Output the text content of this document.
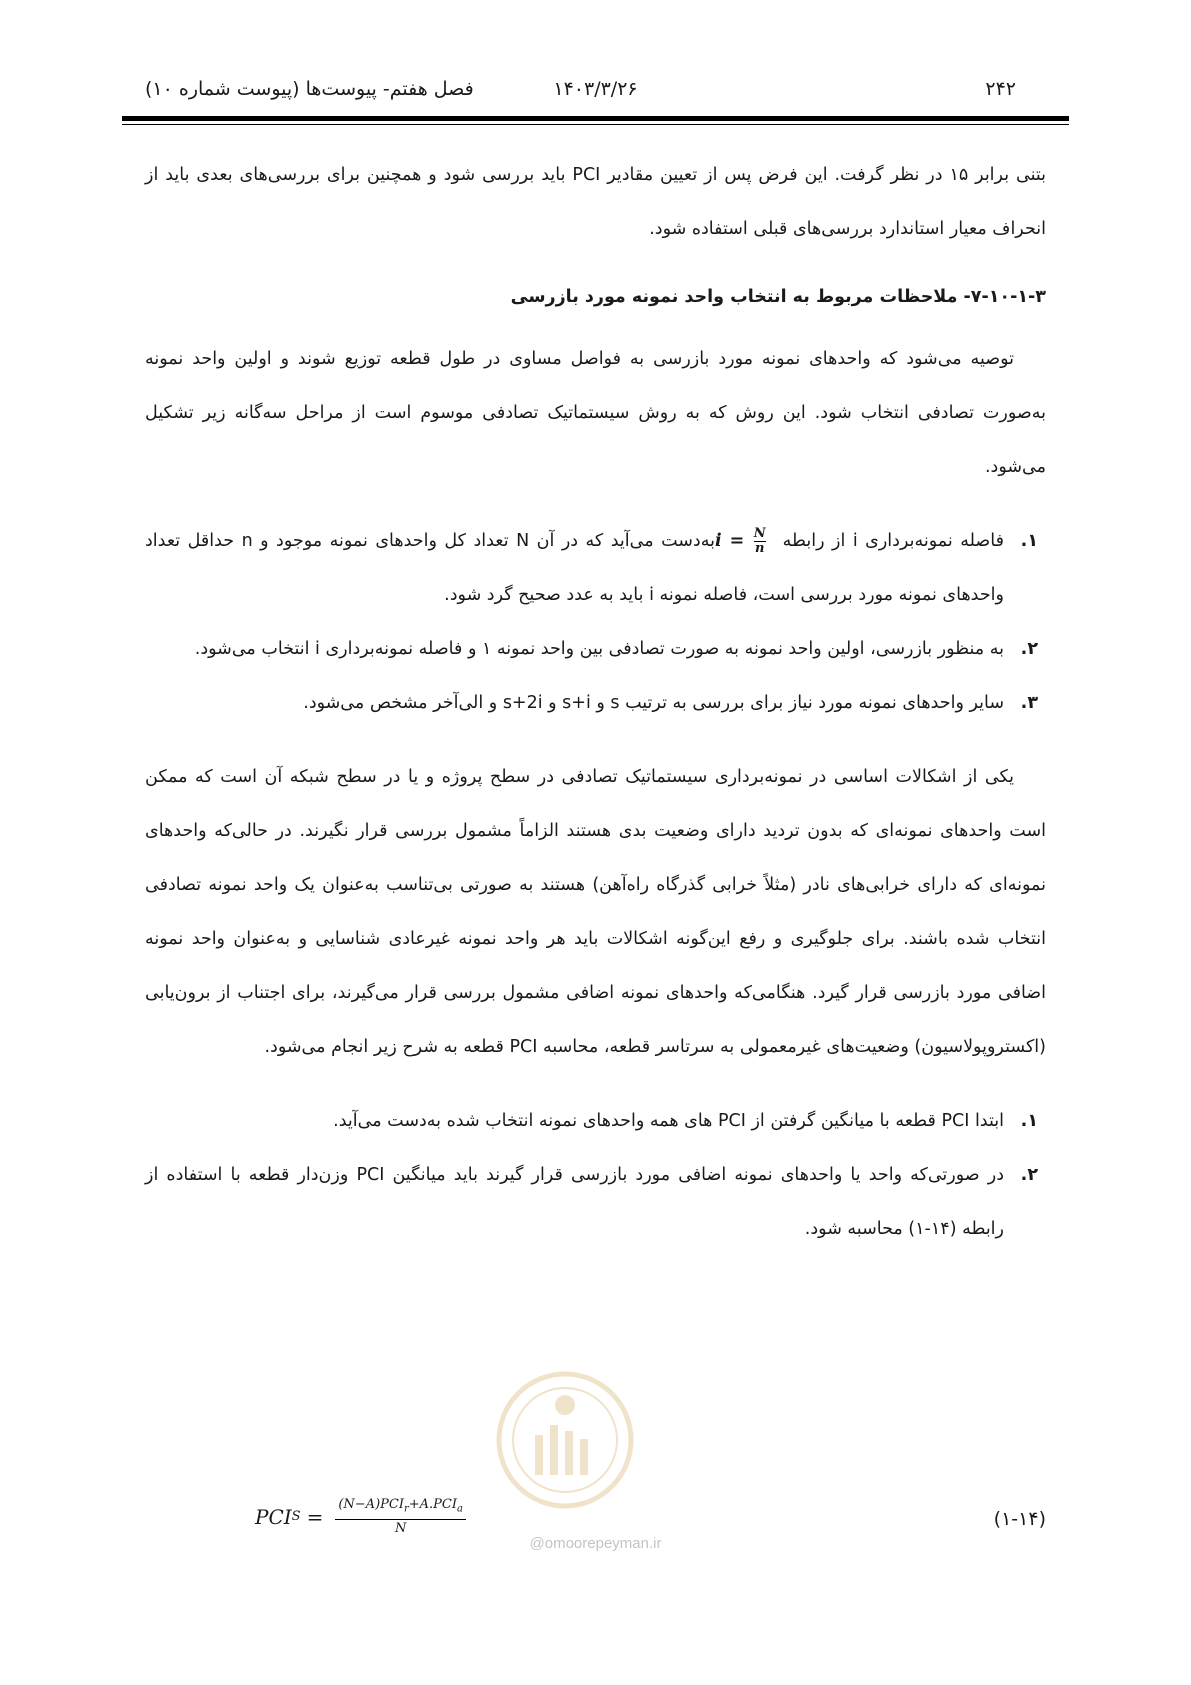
۲۴۲
۱۴۰۳/۳/۲۶
فصل هفتم- پیوست‌ها (پیوست شماره ۱۰)

بتنی برابر ۱۵ در نظر گرفت. این فرض پس از تعیین مقادیر PCI باید بررسی شود و همچنین برای بررسی‌های بعدی باید از انحراف معیار استاندارد بررسی‌های قبلی استفاده شود.

۷-۱۰-۱-۳- ملاحظات مربوط به انتخاب واحد نمونه مورد بازرسی

توصیه می‌شود که واحدهای نمونه مورد بازرسی به فواصل مساوی در طول قطعه توزیع شوند و اولین واحد نمونه به‌صورت تصادفی انتخاب شود. این روش که به روش سیستماتیک تصادفی موسوم است از مراحل سه‌گانه زیر تشکیل می‌شود.

۱.
فاصله نمونه‌برداری i از رابطه $i = \frac{N}{n}$
به‌دست می‌آید که در آن N تعداد کل واحدهای نمونه موجود و n حداقل تعداد واحدهای نمونه مورد بررسی است، فاصله نمونه i باید به عدد صحیح گرد شود.
۲.
به منظور بازرسی، اولین واحد نمونه به صورت تصادفی بین واحد نمونه ۱ و فاصله نمونه‌برداری i انتخاب می‌شود.
۳.
سایر واحدهای نمونه مورد نیاز برای بررسی به ترتیب s و s+i و s+2i و الی‌آخر مشخص می‌شود.

یکی از اشکالات اساسی در نمونه‌برداری سیستماتیک تصادفی در سطح پروژه و یا در سطح شبکه آن است که ممکن است واحدهای نمونه‌ای که بدون تردید دارای وضعیت بدی هستند الزاماً مشمول بررسی قرار نگیرند. در حالی‌که واحدهای نمونه‌ای که دارای خرابی‌های نادر (مثلاً خرابی گذرگاه راه‌آهن) هستند به صورتی بی‌تناسب به‌عنوان یک واحد نمونه تصادفی انتخاب شده باشند. برای جلوگیری و رفع این‌گونه اشکالات باید هر واحد نمونه غیرعادی شناسایی و به‌عنوان واحد نمونه اضافی مورد بازرسی قرار گیرد. هنگامی‌که واحدهای نمونه اضافی مشمول بررسی قرار می‌گیرند، برای اجتناب از برون‌یابی (اکستروپولاسیون) وضعیت‌های غیرمعمولی به سرتاسر قطعه، محاسبه PCI قطعه به شرح زیر انجام می‌شود.

۱.
ابتدا PCI قطعه با میانگین گرفتن از PCI های همه واحدهای نمونه انتخاب شده به‌دست می‌آید.
۲.
در صورتی‌که واحد یا واحدهای نمونه اضافی مورد بازرسی قرار گیرند باید میانگین PCI وزن‌دار قطعه با استفاده از رابطه (۱۴-۱) محاسبه شود.
PCI $S = \frac{(N-A)PCI_r+A.PCI_a}{N}$	(۱-۱۴)
@omoorepeyman.ir
